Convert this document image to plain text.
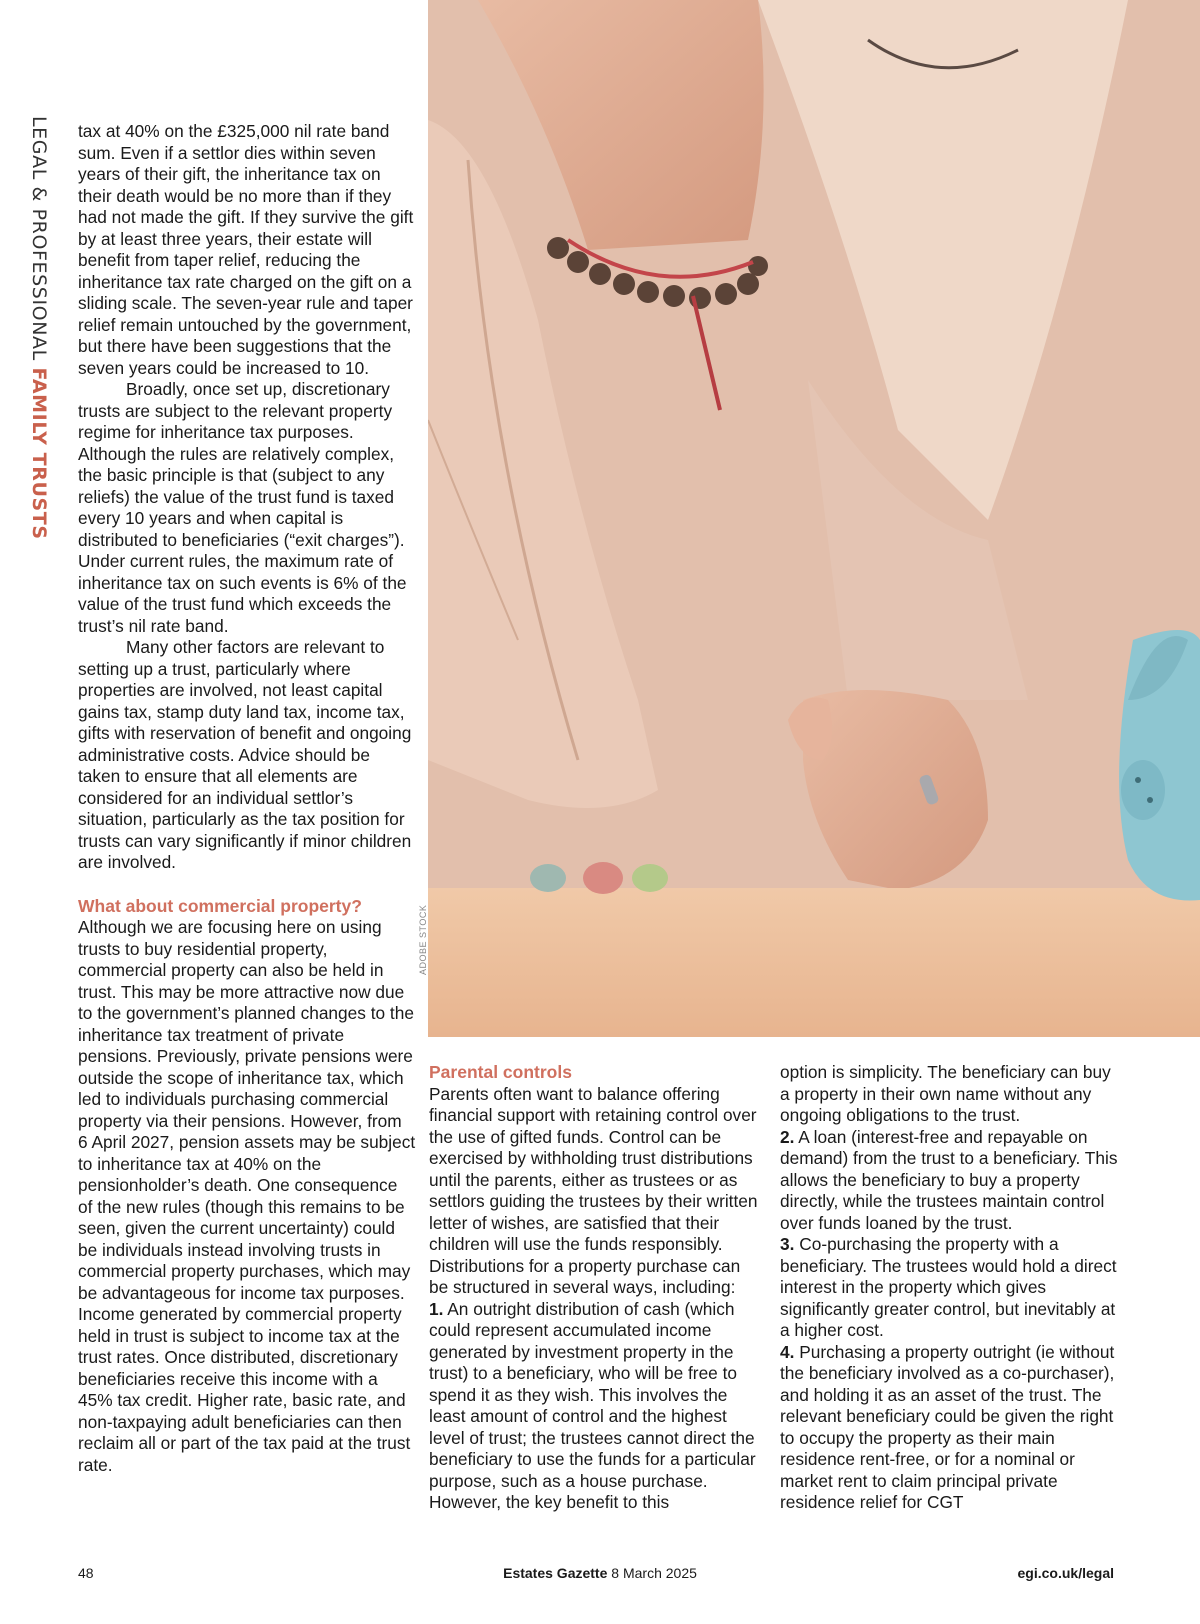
LEGAL & PROFESSIONAL FAMILY TRUSTS

tax at 40% on the £325,000 nil rate band sum. Even if a settlor dies within seven years of their gift, the inheritance tax on their death would be no more than if they had not made the gift. If they survive the gift by at least three years, their estate will benefit from taper relief, reducing the inheritance tax rate charged on the gift on a sliding scale. The seven-year rule and taper relief remain untouched by the government, but there have been suggestions that the seven years could be increased to 10.

Broadly, once set up, discretionary trusts are subject to the relevant property regime for inheritance tax purposes. Although the rules are relatively complex, the basic principle is that (subject to any reliefs) the value of the trust fund is taxed every 10 years and when capital is distributed to beneficiaries (“exit charges”). Under current rules, the maximum rate of inheritance tax on such events is 6% of the value of the trust fund which exceeds the trust’s nil rate band.

Many other factors are relevant to setting up a trust, particularly where properties are involved, not least capital gains tax, stamp duty land tax, income tax, gifts with reservation of benefit and ongoing administrative costs. Advice should be taken to ensure that all elements are considered for an individual settlor’s situation, particularly as the tax position for trusts can vary significantly if minor children are involved.

What about commercial property?

Although we are focusing here on using trusts to buy residential property, commercial property can also be held in trust. This may be more attractive now due to the government’s planned changes to the inheritance tax treatment of private pensions. Previously, private pensions were outside the scope of inheritance tax, which led to individuals purchasing commercial property via their pensions. However, from 6 April 2027, pension assets may be subject to inheritance tax at 40% on the pensionholder’s death. One consequence of the new rules (though this remains to be seen, given the current uncertainty) could be individuals instead involving trusts in commercial property purchases, which may be advantageous for income tax purposes. Income generated by commercial property held in trust is subject to income tax at the trust rates. Once distributed, discretionary beneficiaries receive this income with a 45% tax credit. Higher rate, basic rate, and non-taxpaying adult beneficiaries can then reclaim all or part of the tax paid at the trust rate.

ADOBE STOCK
Parental controls

Parents often want to balance offering financial support with retaining control over the use of gifted funds. Control can be exercised by withholding trust distributions until the parents, either as trustees or as settlors guiding the trustees by their written letter of wishes, are satisfied that their children will use the funds responsibly. Distributions for a property purchase can be structured in several ways, including:

1. An outright distribution of cash (which could represent accumulated income generated by investment property in the trust) to a beneficiary, who will be free to spend it as they wish. This involves the least amount of control and the highest level of trust; the trustees cannot direct the beneficiary to use the funds for a particular purpose, such as a house purchase. However, the key benefit to this

option is simplicity. The beneficiary can buy a property in their own name without any ongoing obligations to the trust.

2. A loan (interest-free and repayable on demand) from the trust to a beneficiary. This allows the beneficiary to buy a property directly, while the trustees maintain control over funds loaned by the trust.

3. Co-purchasing the property with a beneficiary. The trustees would hold a direct interest in the property which gives significantly greater control, but inevitably at a higher cost.

4. Purchasing a property outright (ie without the beneficiary involved as a co-purchaser), and holding it as an asset of the trust. The relevant beneficiary could be given the right to occupy the property as their main residence rent-free, or for a nominal or market rent to claim principal private residence relief for CGT

48	Estates Gazette 8 March 2025	egi.co.uk/legal
